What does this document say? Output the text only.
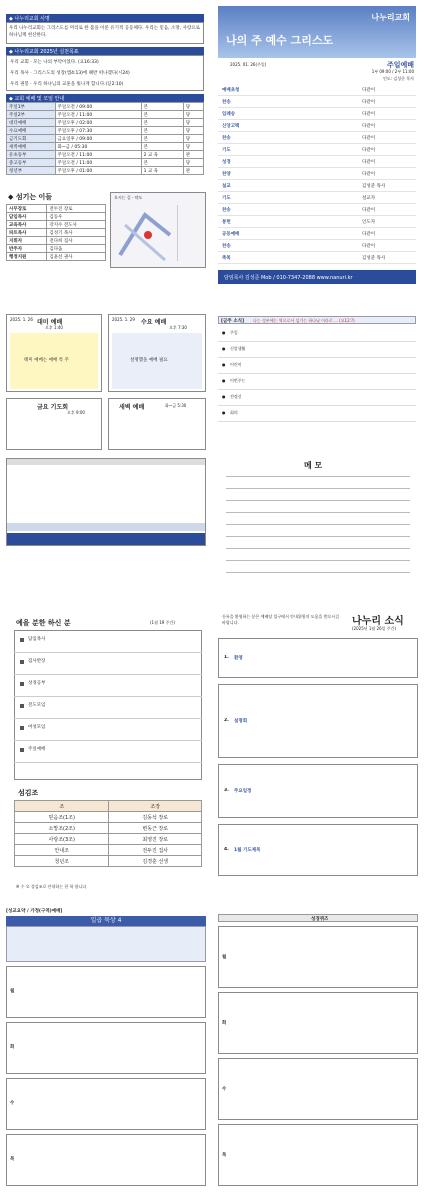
◆ 나누리교회 사명
우리 나누리교회는 그리스도를 머리로 한 몸을 이룬 유기적 공동체다. 우리는 믿음, 소망, 사랑으로 하나님께 헌신한다.
◆ 나누리교회 2025년 실천목표
우리 교회 · 모는 나의 부탁이었다. (요16:33)
우리 목사 · 그리스도의 성장(엡4:13)에 헤반 떠나겠다(시24)
우리 권봉 · 우리 하나님의 교훈을 빛나게 합니다.(딛2:10)
◆ 교회 예배 및 모임 안내
주일1부	주일오전 / 09:00	본	당
주일2부	주일오전 / 11:00	본	당
대더예배	주일오후 / 02:00	본	당
수요예배	주일오후 / 07:30	본	당
금기도회	금요일후 / 09:00	본	당
새벽예배	화~금 / 05:30	본	당
유초등부	주일오전 / 11:00	2 교 육	관
중고등부	주일오전 / 11:00	본	당
청년부	주일오후 / 01:00	1 교 육	관
◆ 섬기는 이들
시무장로	전두진 장로
담임목사	김동우
교육목사	강지수 전도사
파트목사	김성기 목사
지휘자	전다희 집사
반주자	김다움
행정지원	김윤선 권사
오시는 길 · 약도
나누리교회
나의 주 예수 그리스도
2025. 01. 26(주일)	주일예배
1부 09:00 / 2부 11:00
인도: 김성준 목사
담임목사 김성준 Mob / 010-7347-2088 www.nanuri.kr
예배초청	다같이
찬송	다같이
입례송	다같이
신앙고백	다같이
찬송	다같이
기도	다같이
성경	다같이
찬양	다같이
설교	김성준 목사
기도	설교자
찬송	다같이
봉헌	인도자
공동예배	다같이
찬송	다같이
축복	김성준 목사
2025. 1. 26 대미 예배
오후 1:40
태미 예배는 예배 특 주
2025. 1. 29 수요 예배
오후 7:30
설명했을 예배 필요
금요 기도회
오후 9:00
새벽 예배	화~금 5:30
[금주 소식] 나는 성부에는 역으로서 섬기는 하나님 이라로 ... (요12:?)
메 모
● 주일
● 신앙생활
● 어린이
● 이번주는
● 전정신
● 회의
예을 분한 하신 분	(1월 19 주간)
섬김조
조	조장
믿음조(1조)	김동석 장로
소망조(2조)	변동근 장로
사랑조(3조)	최영진 장로
안내조	전두진 집사
청년조	김경훈 선생
※ 수 오 성김조로 안내하는 한 학 합니다
담임목사
집사반장
성경공부
전도모임
여성모임
주일예배
등록을 환영하는 분은 예배당 입구에서 안내위원의 도움을 받으시길 바랍니다.	나누리 소식
(2025년 1월 26일 주간)
1. 환영
2. 설명회
3. 주요일정
4. 1월 기도제목
[성교요약 / 가정(구역)예배]
일곱 묵상 4
월
화
수
목
성경퀴즈
월
화
수
목
